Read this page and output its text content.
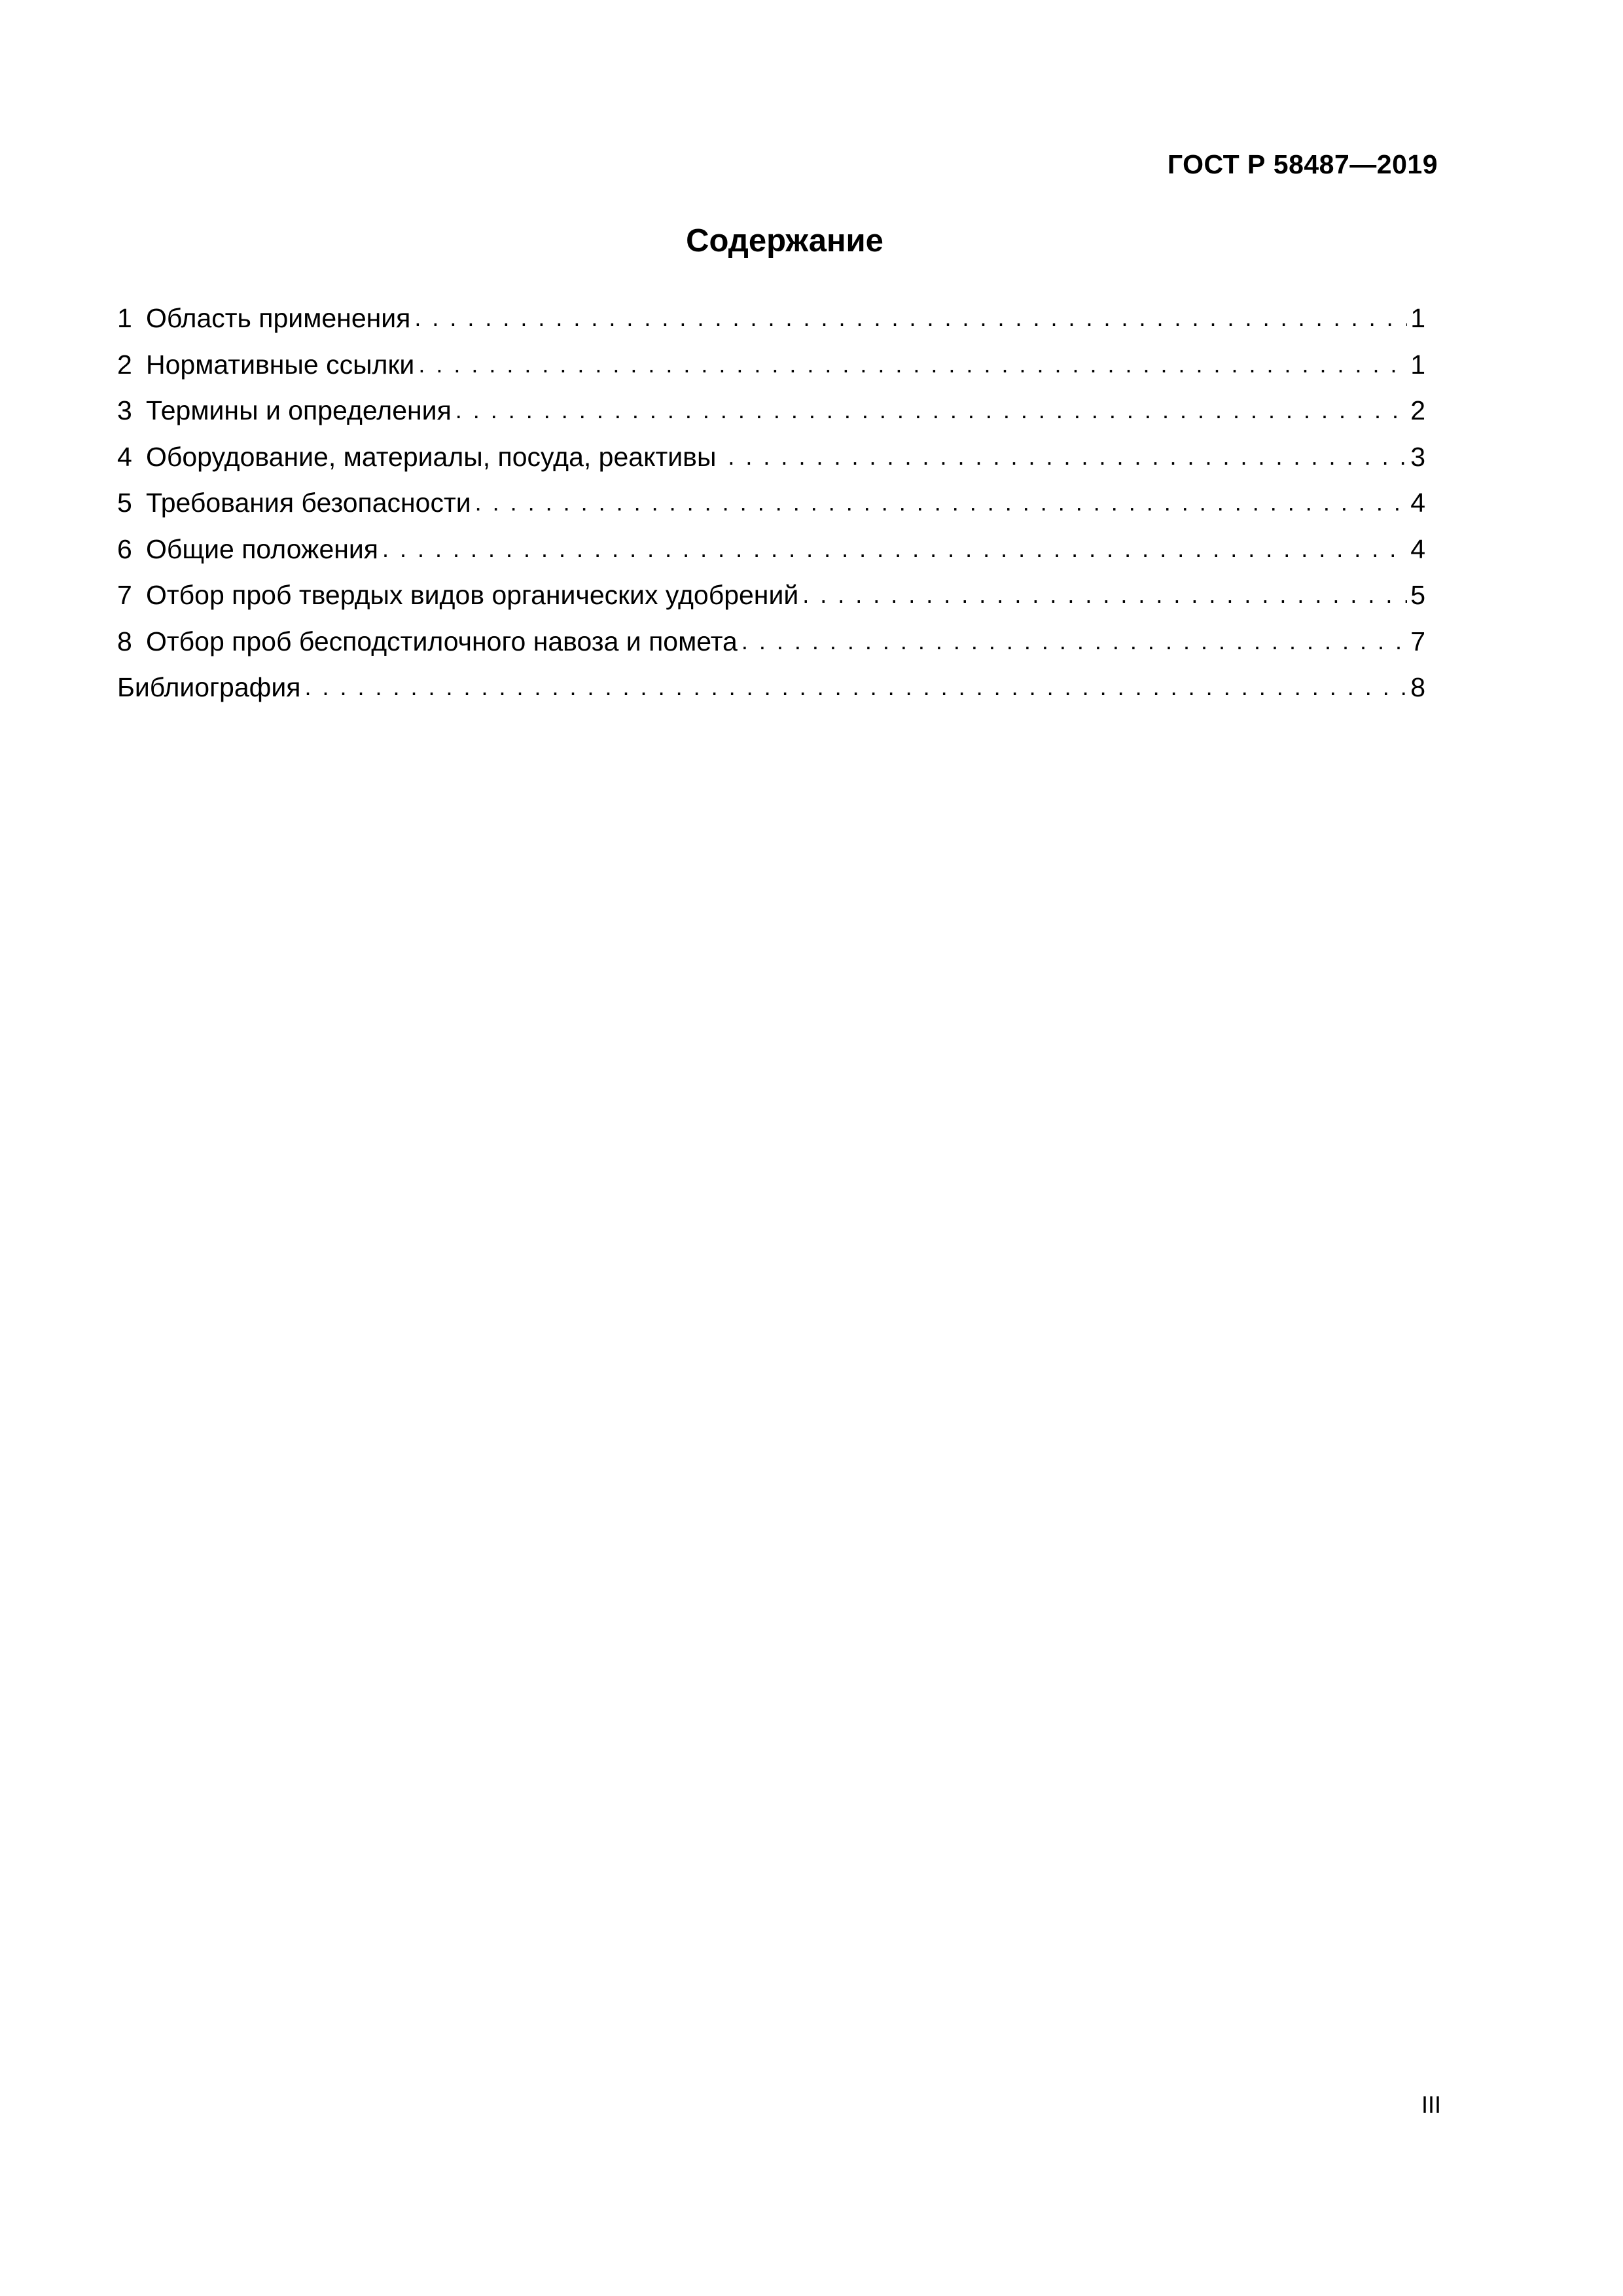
ГОСТ Р 58487—2019
Содержание
1 Область применения . . .	1
2 Нормативные ссылки . . .	1
3 Термины и определения . . .	2
4 Оборудование, материалы, посуда, реактивы . . .	3
5 Требования безопасности . . .	4
6 Общие положения . . .	4
7 Отбор проб твердых видов органических удобрений . . .	5
8 Отбор проб бесподстилочного навоза и помета . . .	7
Библиография . . .	8
III
